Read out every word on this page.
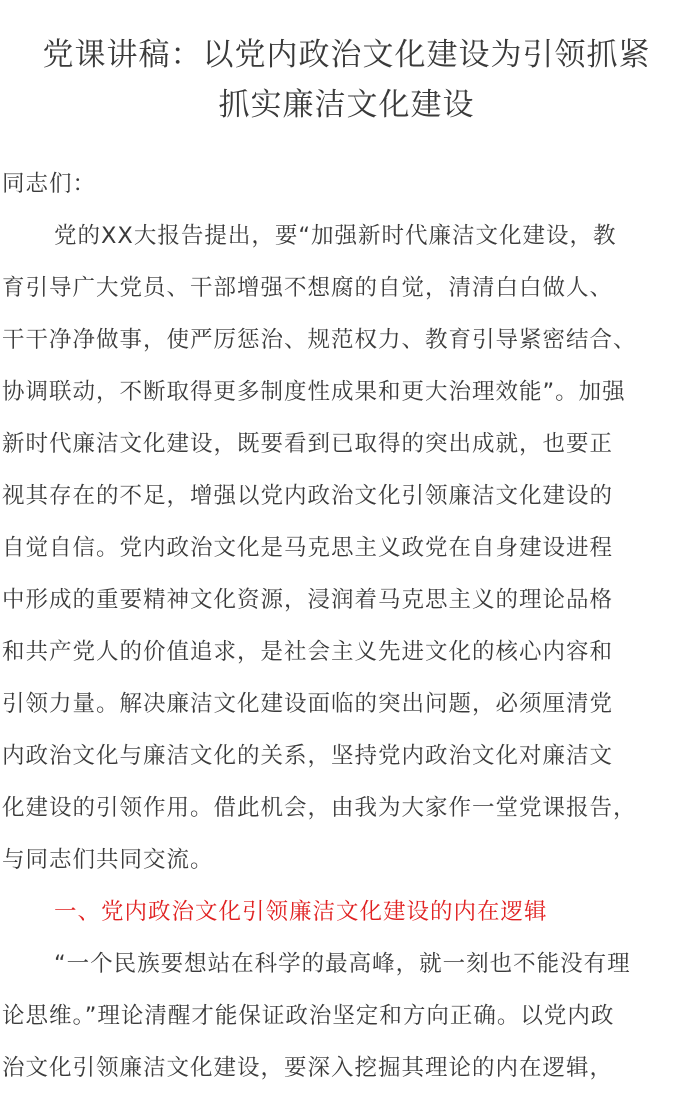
党课讲稿：以党内政治文化建设为引领抓紧
抓实廉洁文化建设
同志们：
党的XX大报告提出，要“加强新时代廉洁文化建设，教
育引导广大党员、干部增强不想腐的自觉，清清白白做人、
干干净净做事，使严厉惩治、规范权力、教育引导紧密结合、
协调联动，不断取得更多制度性成果和更大治理效能”。加强
新时代廉洁文化建设，既要看到已取得的突出成就，也要正
视其存在的不足，增强以党内政治文化引领廉洁文化建设的
自觉自信。党内政治文化是马克思主义政党在自身建设进程
中形成的重要精神文化资源，浸润着马克思主义的理论品格
和共产党人的价值追求，是社会主义先进文化的核心内容和
引领力量。解决廉洁文化建设面临的突出问题，必须厘清党
内政治文化与廉洁文化的关系，坚持党内政治文化对廉洁文
化建设的引领作用。借此机会，由我为大家作一堂党课报告，
与同志们共同交流。
一、党内政治文化引领廉洁文化建设的内在逻辑
“一个民族要想站在科学的最高峰，就一刻也不能没有理
论思维。”理论清醒才能保证政治坚定和方向正确。以党内政
治文化引领廉洁文化建设，要深入挖掘其理论的内在逻辑，
